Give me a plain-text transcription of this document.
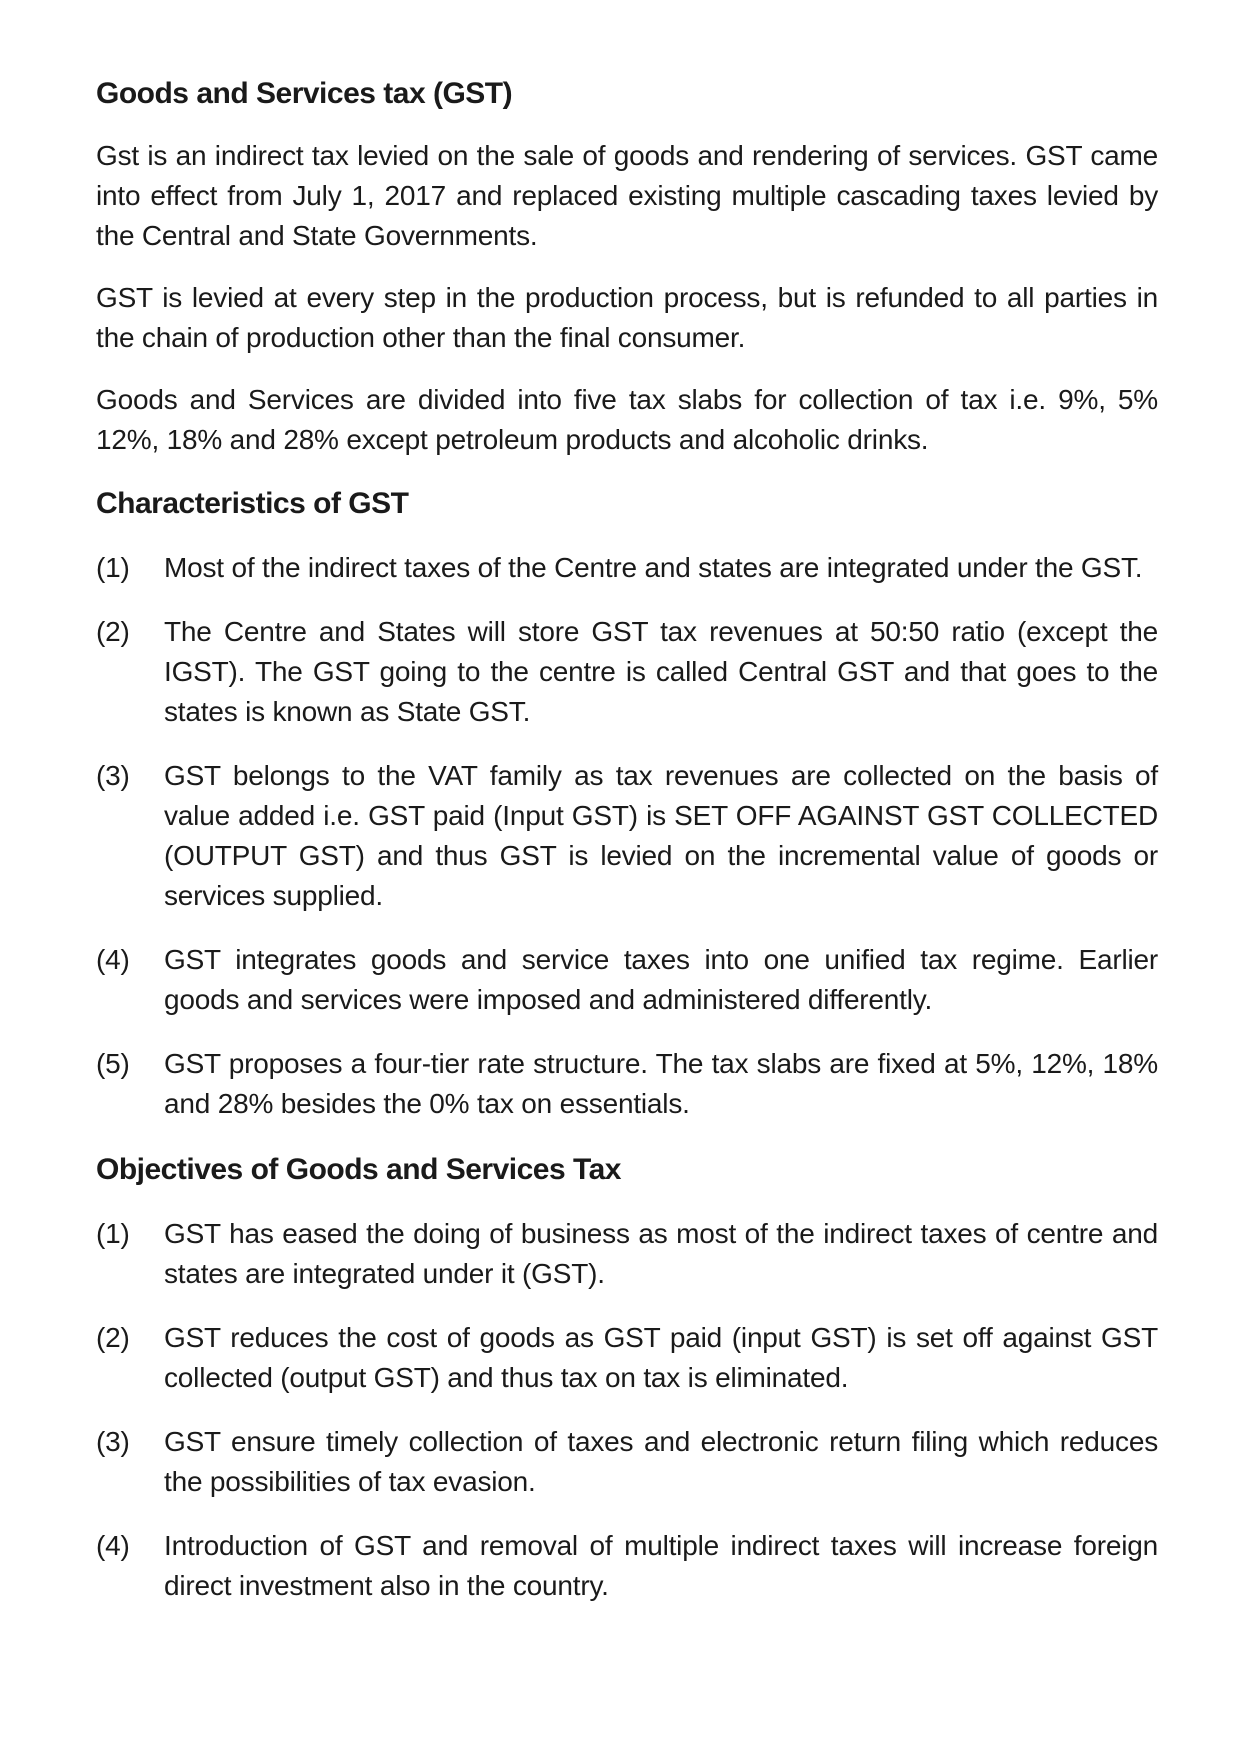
Goods and Services tax (GST)

Gst is an indirect tax levied on the sale of goods and rendering of services. GST came into effect from July 1, 2017 and replaced existing multiple cascading taxes levied by the Central and State Governments.

GST is levied at every step in the production process, but is refunded to all parties in the chain of production other than the final consumer.

Goods and Services are divided into five tax slabs for collection of tax i.e. 9%, 5% 12%, 18% and 28% except petroleum products and alcoholic drinks.

Characteristics of GST
(1)	Most of the indirect taxes of the Centre and states are integrated under the GST.
(2)	The Centre and States will store GST tax revenues at 50:50 ratio (except the IGST). The GST going to the centre is called Central GST and that goes to the states is known as State GST.
(3)	GST belongs to the VAT family as tax revenues are collected on the basis of value added i.e. GST paid (Input GST) is SET OFF AGAINST GST COLLECTED (OUTPUT GST) and thus GST is levied on the incremental value of goods or services supplied.
(4)	GST integrates goods and service taxes into one unified tax regime. Earlier goods and services were imposed and administered differently.
(5)	GST proposes a four-tier rate structure. The tax slabs are fixed at 5%, 12%, 18% and 28% besides the 0% tax on essentials.
Objectives of Goods and Services Tax
(1)	GST has eased the doing of business as most of the indirect taxes of centre and states are integrated under it (GST).
(2)	GST reduces the cost of goods as GST paid (input GST) is set off against GST collected (output GST) and thus tax on tax is eliminated.
(3)	GST ensure timely collection of taxes and electronic return filing which reduces the possibilities of tax evasion.
(4)	Introduction of GST and removal of multiple indirect taxes will increase foreign direct investment also in the country.
